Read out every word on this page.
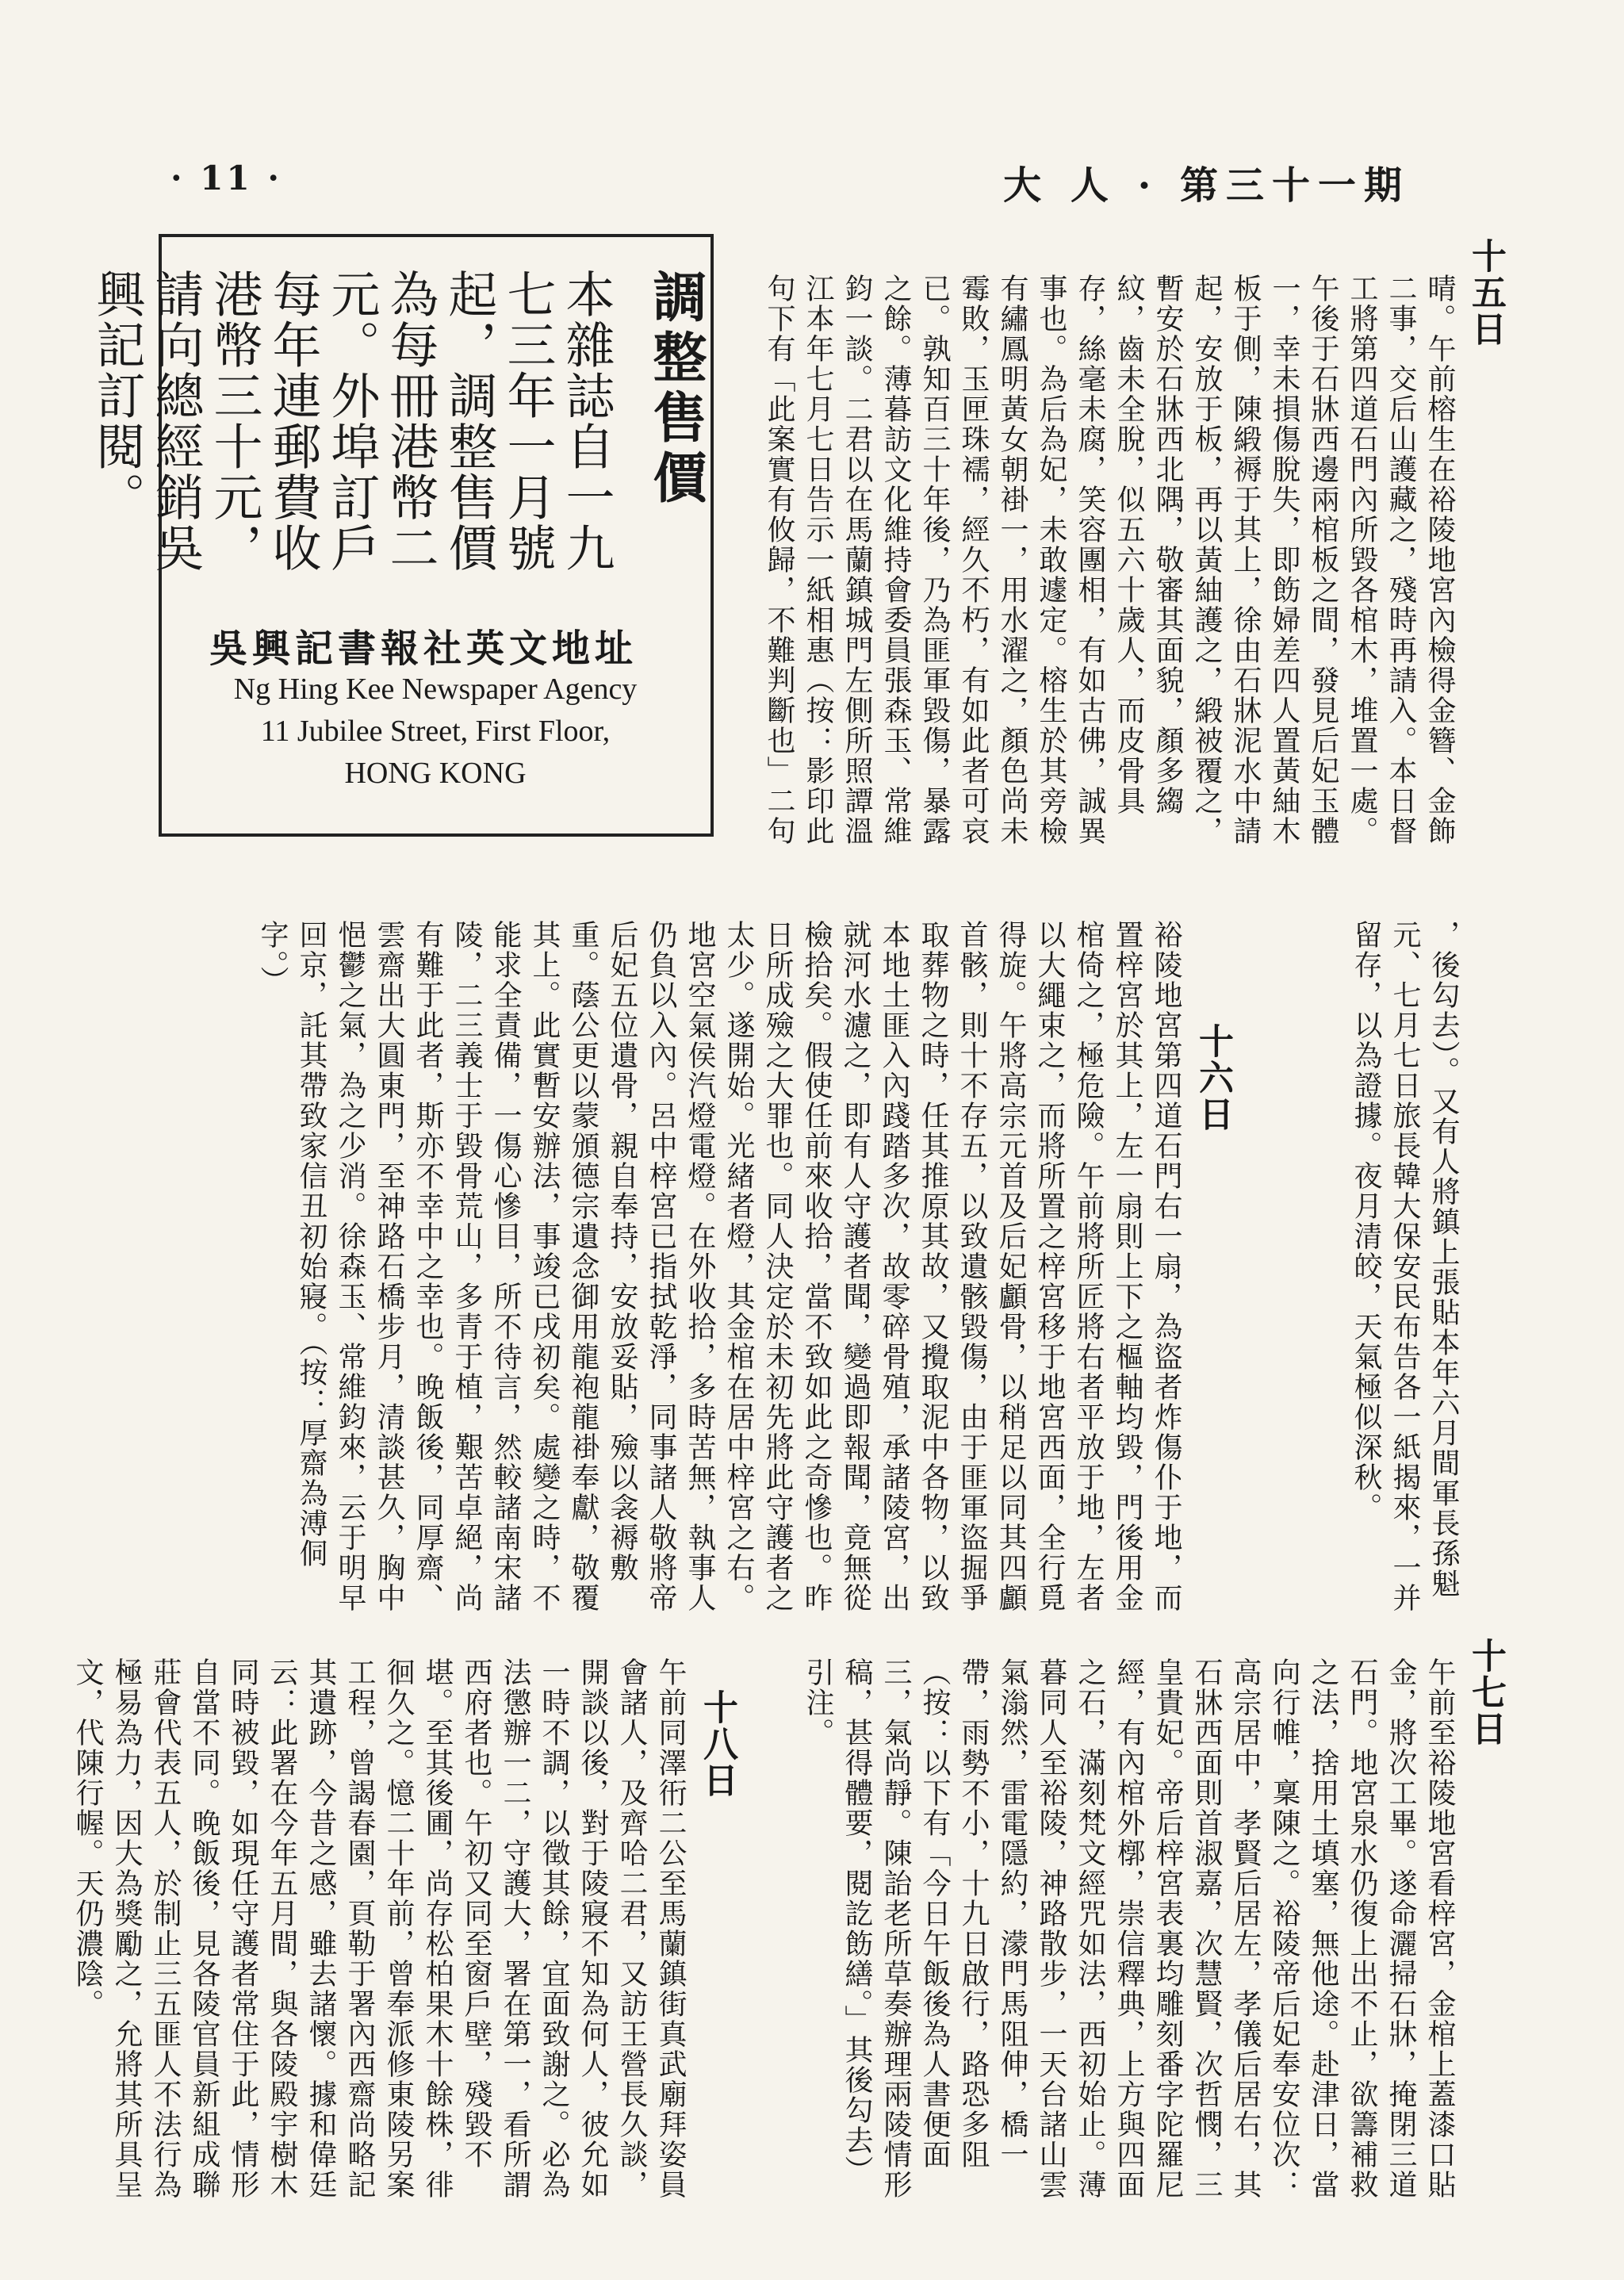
· 11 ·	大 人 · 第三十一期
調整售價
本雜誌自一九七三年一月號起，調整售價為每冊港幣二元。外埠訂戶每年連郵費收港幣三十元，請向總經銷吳興記訂閱。
吳興記書報社英文地址
Ng Hing Kee Newspaper Agency
11 Jubilee Street, First Floor,
HONG KONG
十五日
晴。午前榕生在裕陵地宮內檢得金簪、金飾二事，交后山護藏之，殘時再請入。本日督工將第四道石門內所毀各棺木，堆置一處。午後于石牀西邊兩棺板之間，發見后妃玉體一，幸未損傷脫失，即飭婦差四人置黃紬木板于側，陳緞褥于其上，徐由石牀泥水中請起，安放于板，再以黃紬護之，緞被覆之，暫安於石牀西北隅，敬審其面貌，顏多縐紋，齒未全脫，似五六十歲人，而皮骨具存，絲毫未腐，笑容團相，有如古佛，誠異事也。為后為妃，未敢遽定。榕生於其旁檢有繡鳳明黃女朝褂一，用水濯之，顏色尚未霉敗，玉匣珠襦，經久不朽，有如此者可哀已。孰知百三十年後，乃為匪軍毀傷，暴露之餘。薄暮訪文化維持會委員張森玉、常維鈞一談。二君以在馬蘭鎮城門左側所照譚溫江本年七月七日告示一紙相惠（按：影印此句下有「此案實有攸歸，不難判斷也」二句
，後勾去）。又有人將鎮上張貼本年六月間軍長孫魁元、七月七日旅長韓大保安民布告各一紙揭來，一并留存，以為證據。夜月清皎，天氣極似深秋。
十六日
裕陵地宮第四道石門右一扇，為盜者炸傷仆于地，而置梓宮於其上，左一扇則上下之樞軸均毀，門後用金棺倚之，極危險。午前將所匠將右者平放于地，左者以大繩束之，而將所置之梓宮移于地宮西面，全行覓得旋。午將高宗元首及后妃顱骨，以稍足以同其四顱首骸，則十不存五，以致遺骸毀傷，由于匪軍盜掘爭取葬物之時，任其推原其故，又攪取泥中各物，以致本地土匪入內踐踏多次，故零碎骨殖，承諸陵宮，出就河水濾之，即有人守護者聞，變過即報聞，竟無從檢拾矣。假使任前來收拾，當不致如此之奇慘也。昨日所成殮之大罪也。同人決定於未初先將此守護者之太少。遂開始。光緒者燈，其金棺在居中梓宮之右。地宮空氣侯汽燈電燈。在外收拾，多時苦無，執事人仍負以入內。呂中梓宮已指拭乾淨，同事諸人敬將帝后妃五位遺骨，親自奉持，安放妥貼，殮以衾褥敷重。蔭公更以蒙頒德宗遺念御用龍袍龍褂奉獻，敬覆其上。此實暫安辦法，事竣已戌初矣。處變之時，不能求全責備，一傷心慘目，所不待言，然較諸南宋諸陵，二三義士于毀骨荒山，多青于植，艱苦卓絕，尚有難于此者，斯亦不幸中之幸也。晚飯後，同厚齋、雲齋出大圓東門，至神路石橋步月，清談甚久，胸中悒鬱之氣，為之少消。徐森玉、常維鈞來，云于明早回京，託其帶致家信丑初始寢。（按：厚齋為溥侗字。）
十七日
午前至裕陵地宮看梓宮，金棺上蓋漆口貼金，將次工畢。遂命灑掃石牀，掩閉三道石門。地宮泉水仍復上出不止，欲籌補救之法，捨用土填塞，無他途。赴津日，當向行帷，稟陳之。裕陵帝后妃奉安位次：高宗居中，孝賢后居左，孝儀后居右，其石牀西面則首淑嘉，次慧賢，次哲憫，三皇貴妃。帝后梓宮表裏均雕刻番字陀羅尼經，有內棺外槨，崇信釋典，上方與四面之石，滿刻梵文經咒如法，西初始止。薄暮同人至裕陵，神路散步，一天台諸山雲氣滃然，雷電隱約，濛門馬阻伸，橋一帶，雨勢不小，十九日啟行，路恐多阻（按：以下有「今日午飯後為人書便面三，氣尚靜。陳詒老所草奏辦理兩陵情形稿，甚得體要，閱訖飭繕。」其後勾去）引注。
十八日
午前同澤衎二公至馬蘭鎮街真武廟拜姿員會諸人，及齊哈二君，又訪王營長久談，開談以後，對于陵寢不知為何人，彼允如一時不調，以徵其餘，宜面致謝之。必為法懲辦一二，守護大，署在第一，看所謂西府者也。午初又同至窗戶壁，殘毀不堪。至其後圃，尚存松柏果木十餘株，徘徊久之。憶二十年前，曾奉派修東陵另案工程，曾謁春園，頁勒于署內西齋尚略記其遺跡，今昔之感，雖去諸懷。據和偉廷云：此署在今年五月間，與各陵殿宇樹木同時被毀，如現任守護者常住于此，情形自當不同。晚飯後，見各陵官員新組成聯莊會代表五人，於制止三五匪人不法行為極易為力，因大為獎勵之，允將其所具呈文，代陳行幄。天仍濃陰。
